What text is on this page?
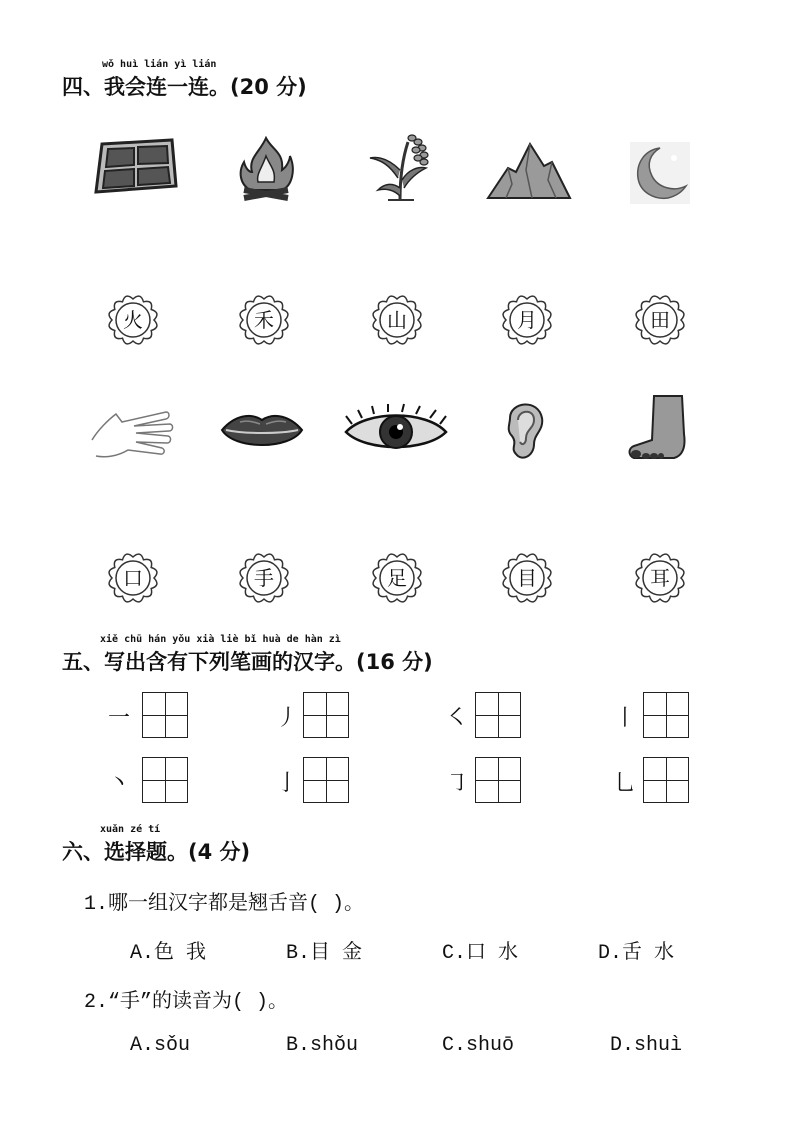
wǒ huì lián yì lián
四、我会连一连。(20 分)
火	禾	山	月	田
口	手	足	目	耳
xiě chū hán yǒu xià liè bǐ huà de hàn zì
五、写出含有下列笔画的汉字。(16 分)
一	丿	㇛	丨
丶	亅	㇆	乚
xuǎn zé tí
六、选择题。(4 分)
1.哪一组汉字都是翘舌音( )。
A.色 我	B.目 金	C.口 水	D.舌 水
2.“手”的读音为( )。
A.sǒu	B.shǒu	C.shuō	D.shuì
